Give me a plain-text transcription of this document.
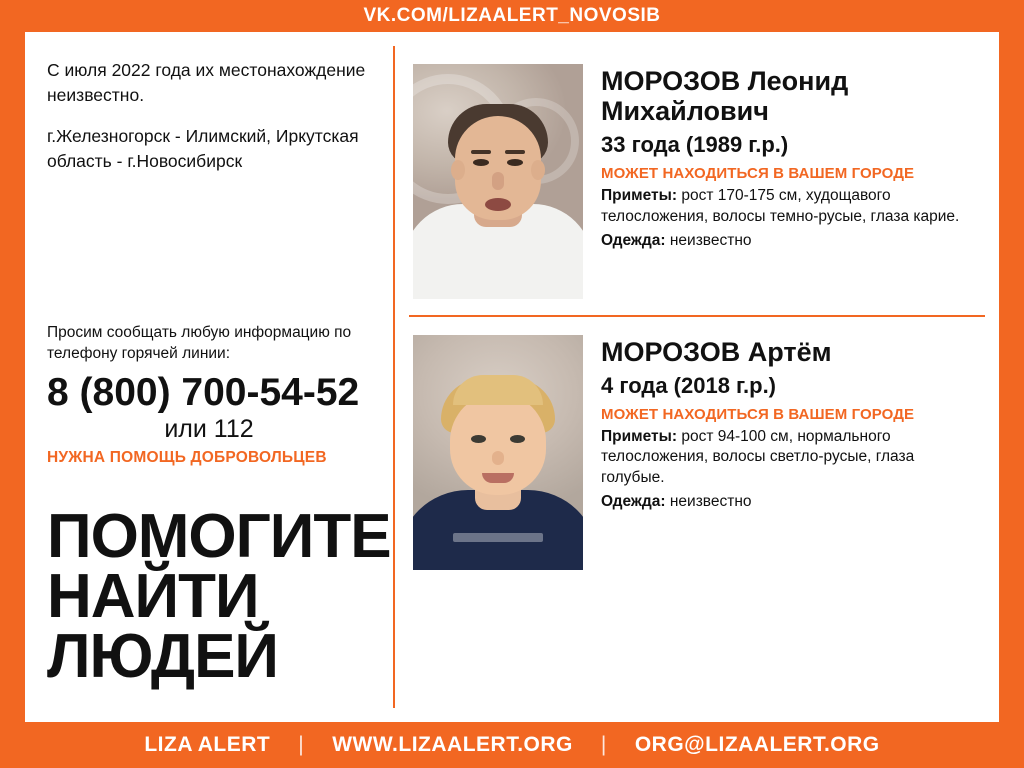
VK.COM/LIZAALERT_NOVOSIB

С июля 2022 года их местонахождение неизвестно.

г.Железногорск - Илимский, Иркутская область - г.Новосибирск

Просим сообщать любую информацию по телефону горячей линии:
8 (800) 700-54-52
или 112
НУЖНА ПОМОЩЬ ДОБРОВОЛЬЦЕВ
ПОМОГИТЕ
НАЙТИ
ЛЮДЕЙ
МОРОЗОВ Леонид
Михайлович
33 года (1989 г.р.)
МОЖЕТ НАХОДИТЬСЯ В ВАШЕМ ГОРОДЕ
Приметы: рост 170-175 см, худощавого телосложения, волосы темно-русые, глаза карие.
Одежда: неизвестно
МОРОЗОВ Артём
4 года (2018 г.р.)
МОЖЕТ НАХОДИТЬСЯ В ВАШЕМ ГОРОДЕ
Приметы: рост 94-100 см, нормального телосложения, волосы светло-русые, глаза голубые.
Одежда: неизвестно
LIZA ALERT | WWW.LIZAALERT.ORG | ORG@LIZAALERT.ORG
